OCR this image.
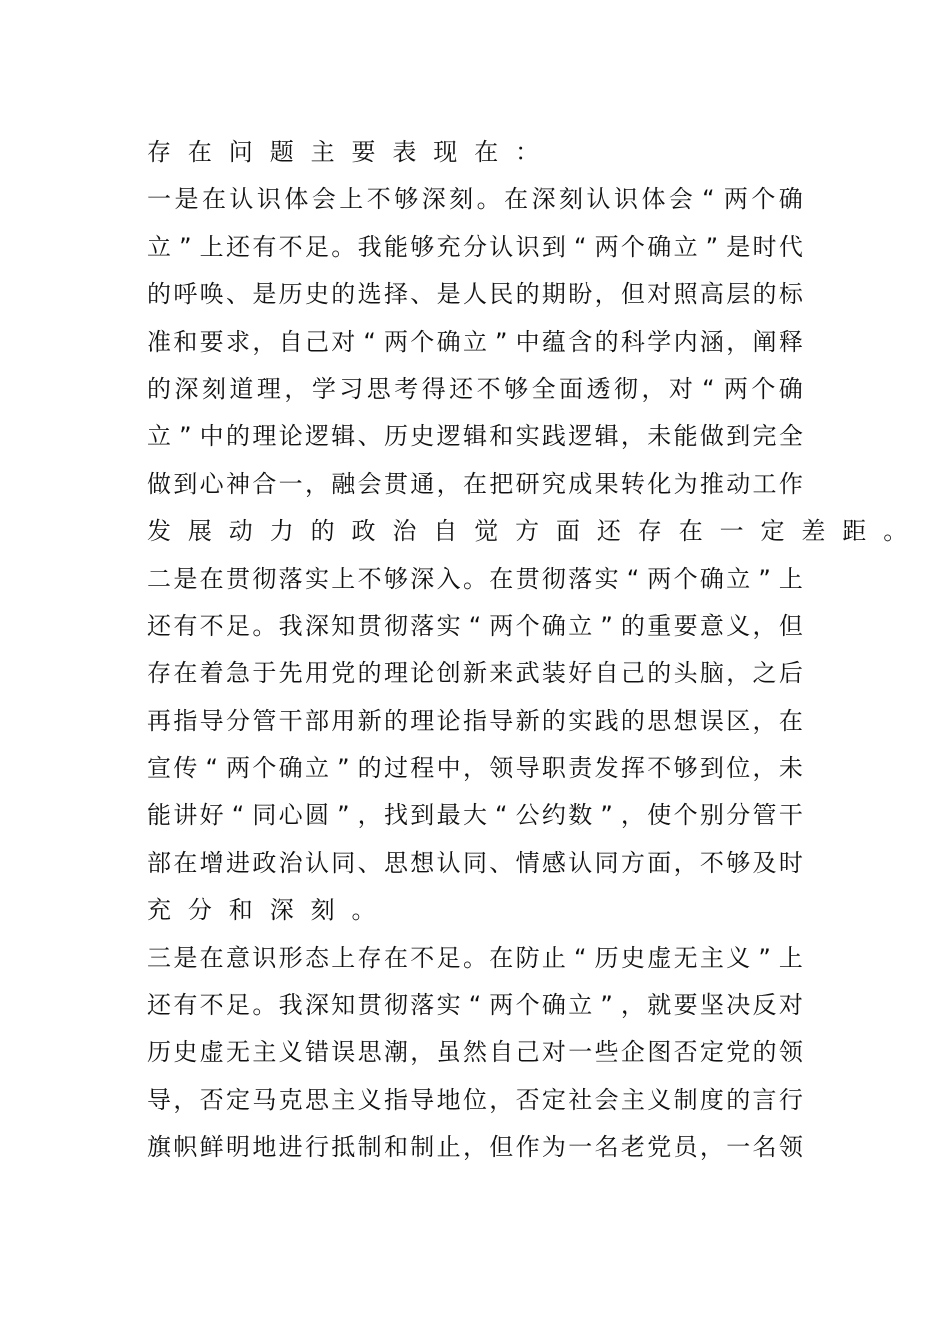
存在问题主要表现在：
一 是 在 认 识 体 会 上 不 够 深 刻 。 在 深 刻 认 识 体 会 “ 两 个 确
立 ” 上 还 有 不 足 。 我 能 够 充 分 认 识 到 “ 两 个 确 立 ” 是 时 代
的 呼 唤 、 是 历 史 的 选 择 、 是 人 民 的 期 盼 ， 但 对 照 高 层 的 标
准 和 要 求 ， 自 己 对 “ 两 个 确 立 ” 中 蕴 含 的 科 学 内 涵 ， 阐 释
的 深 刻 道 理 ， 学 习 思 考 得 还 不 够 全 面 透 彻 ， 对 “ 两 个 确
立 ” 中 的 理 论 逻 辑 、 历 史 逻 辑 和 实 践 逻 辑 ， 未 能 做 到 完 全
做 到 心 神 合 一 ， 融 会 贯 通 ， 在 把 研 究 成 果 转 化 为 推 动 工 作
发展动力的政治自觉方面还存在一定差距。
二 是 在 贯 彻 落 实 上 不 够 深 入 。 在 贯 彻 落 实 “ 两 个 确 立 ” 上
还 有 不 足 。 我 深 知 贯 彻 落 实 “ 两 个 确 立 ” 的 重 要 意 义 ， 但
存 在 着 急 于 先 用 党 的 理 论 创 新 来 武 装 好 自 己 的 头 脑 ， 之 后
再 指 导 分 管 干 部 用 新 的 理 论 指 导 新 的 实 践 的 思 想 误 区 ， 在
宣 传 “ 两 个 确 立 ” 的 过 程 中 ， 领 导 职 责 发 挥 不 够 到 位 ， 未
能 讲 好 “ 同 心 圆 ” ， 找 到 最 大 “ 公 约 数 ” ， 使 个 别 分 管 干
部 在 增 进 政 治 认 同 、 思 想 认 同 、 情 感 认 同 方 面 ， 不 够 及 时
充分和深刻。
三 是 在 意 识 形 态 上 存 在 不 足 。 在 防 止 “ 历 史 虚 无 主 义 ” 上
还 有 不 足 。 我 深 知 贯 彻 落 实 “ 两 个 确 立 ” ， 就 要 坚 决 反 对
历 史 虚 无 主 义 错 误 思 潮 ， 虽 然 自 己 对 一 些 企 图 否 定 党 的 领
导 ， 否 定 马 克 思 主 义 指 导 地 位 ， 否 定 社 会 主 义 制 度 的 言 行
旗 帜 鲜 明 地 进 行 抵 制 和 制 止 ， 但 作 为 一 名 老 党 员 ， 一 名 领
